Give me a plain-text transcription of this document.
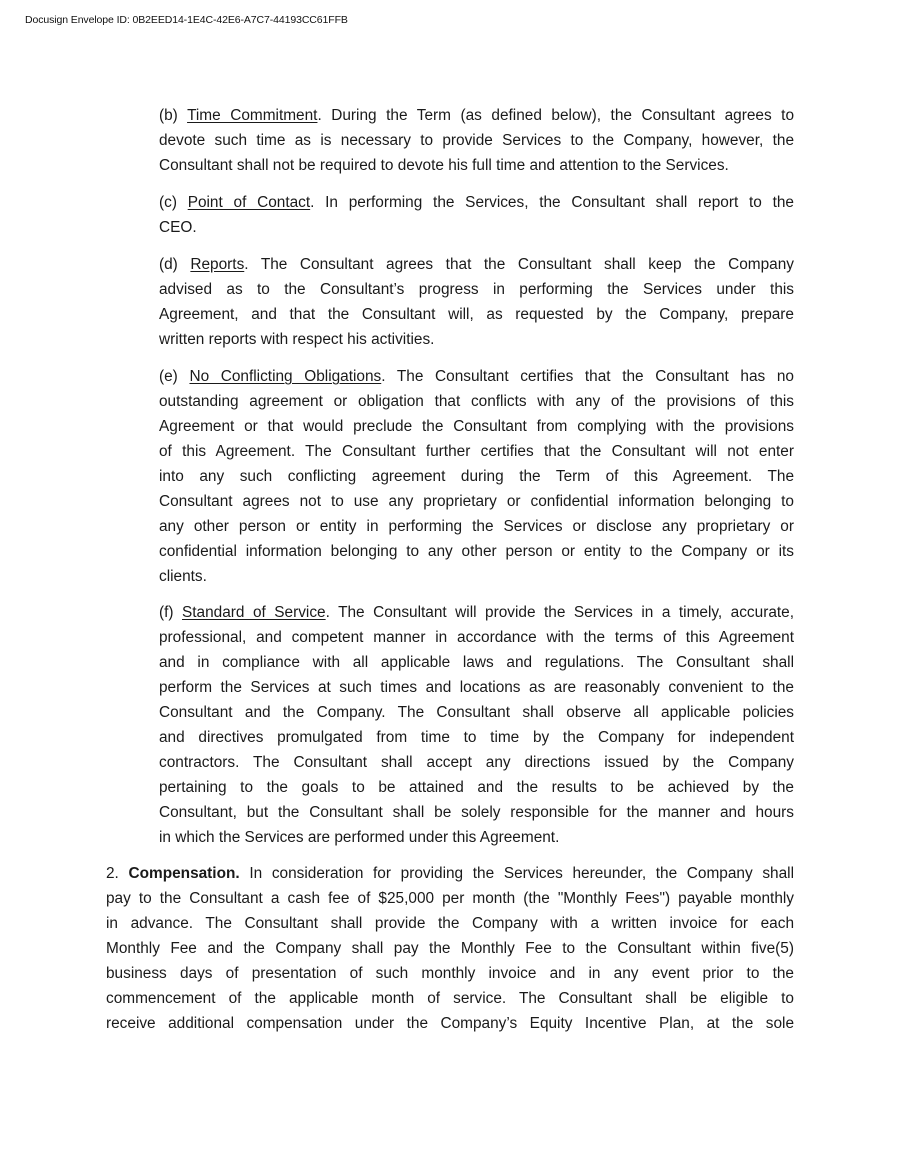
Docusign Envelope ID: 0B2EED14-1E4C-42E6-A7C7-44193CC61FFB
(b) Time Commitment. During the Term (as defined below), the Consultant agrees to
devote such time as is necessary to provide Services to the Company, however, the
Consultant shall not be required to devote his full time and attention to the Services.
(c) Point of Contact. In performing the Services, the Consultant shall report to the
CEO.
(d) Reports. The Consultant agrees that the Consultant shall keep the Company
advised as to the Consultant’s progress in performing the Services under this
Agreement, and that the Consultant will, as requested by the Company, prepare
written reports with respect his activities.
(e) No Conflicting Obligations. The Consultant certifies that the Consultant has no
outstanding agreement or obligation that conflicts with any of the provisions of this
Agreement or that would preclude the Consultant from complying with the provisions
of this Agreement. The Consultant further certifies that the Consultant will not enter
into any such conflicting agreement during the Term of this Agreement. The
Consultant agrees not to use any proprietary or confidential information belonging to
any other person or entity in performing the Services or disclose any proprietary or
confidential information belonging to any other person or entity to the Company or its
clients.
(f) Standard of Service. The Consultant will provide the Services in a timely, accurate,
professional, and competent manner in accordance with the terms of this Agreement
and in compliance with all applicable laws and regulations. The Consultant shall
perform the Services at such times and locations as are reasonably convenient to the
Consultant and the Company. The Consultant shall observe all applicable policies
and directives promulgated from time to time by the Company for independent
contractors. The Consultant shall accept any directions issued by the Company
pertaining to the goals to be attained and the results to be achieved by the
Consultant, but the Consultant shall be solely responsible for the manner and hours
in which the Services are performed under this Agreement.
2. Compensation. In consideration for providing the Services hereunder, the Company shall
pay to the Consultant a cash fee of $25,000 per month (the "Monthly Fees") payable monthly
in advance. The Consultant shall provide the Company with a written invoice for each
Monthly Fee and the Company shall pay the Monthly Fee to the Consultant within five(5)
business days of presentation of such monthly invoice and in any event prior to the
commencement of the applicable month of service. The Consultant shall be eligible to
receive additional compensation under the Company’s Equity Incentive Plan, at the sole
